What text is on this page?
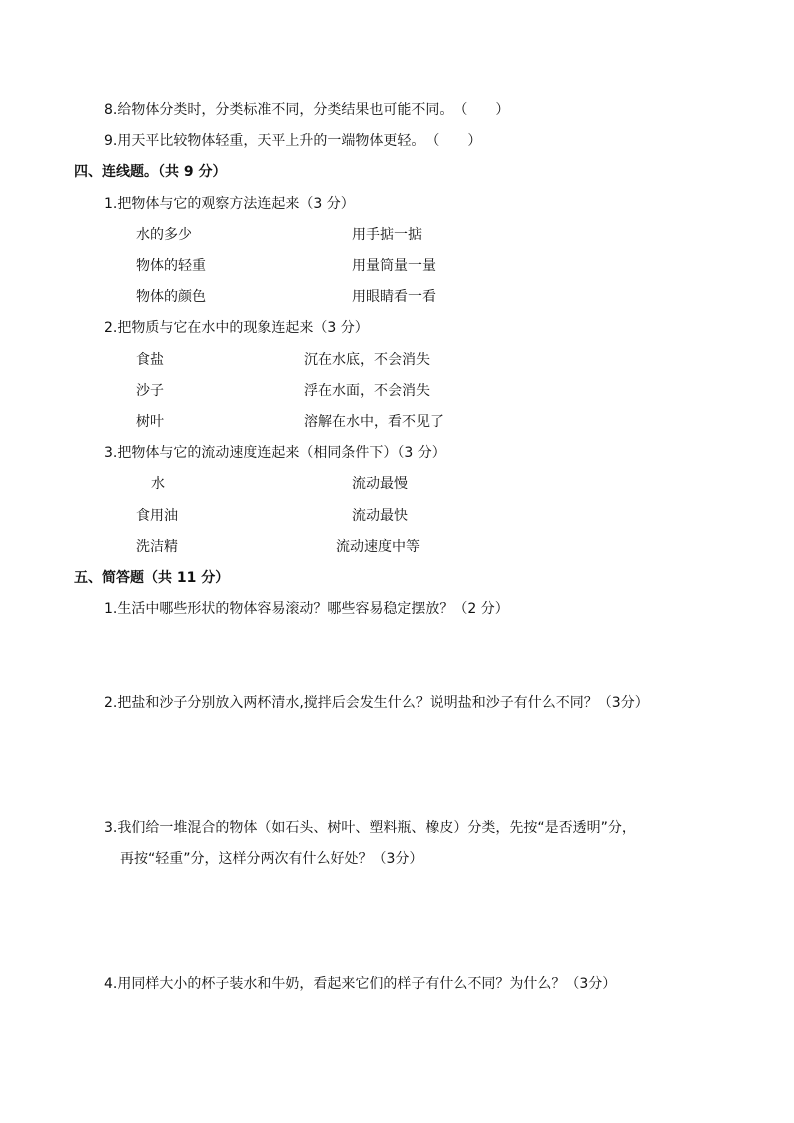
8.给物体分类时，分类标准不同，分类结果也可能不同。（　　）
9.用天平比较物体轻重，天平上升的一端物体更轻。（　　）
四、连线题。（共 9 分）
1.把物体与它的观察方法连起来（3 分）
水的多少	用手掂一掂
物体的轻重	用量筒量一量
物体的颜色	用眼睛看一看
2.把物质与它在水中的现象连起来（3 分）
食盐	沉在水底，不会消失
沙子	浮在水面，不会消失
树叶	溶解在水中，看不见了
3.把物体与它的流动速度连起来（相同条件下）（3 分）
水	流动最慢
食用油	流动最快
洗洁精	流动速度中等
五、简答题（共 11 分）
1.生活中哪些形状的物体容易滚动？哪些容易稳定摆放？（2 分）
2.把盐和沙子分别放入两杯清水,搅拌后会发生什么？说明盐和沙子有什么不同？（3分）
3.我们给一堆混合的物体（如石头、树叶、塑料瓶、橡皮）分类，先按“是否透明”分，
再按“轻重”分，这样分两次有什么好处？（3分）
4.用同样大小的杯子装水和牛奶，看起来它们的样子有什么不同？为什么？（3分）
